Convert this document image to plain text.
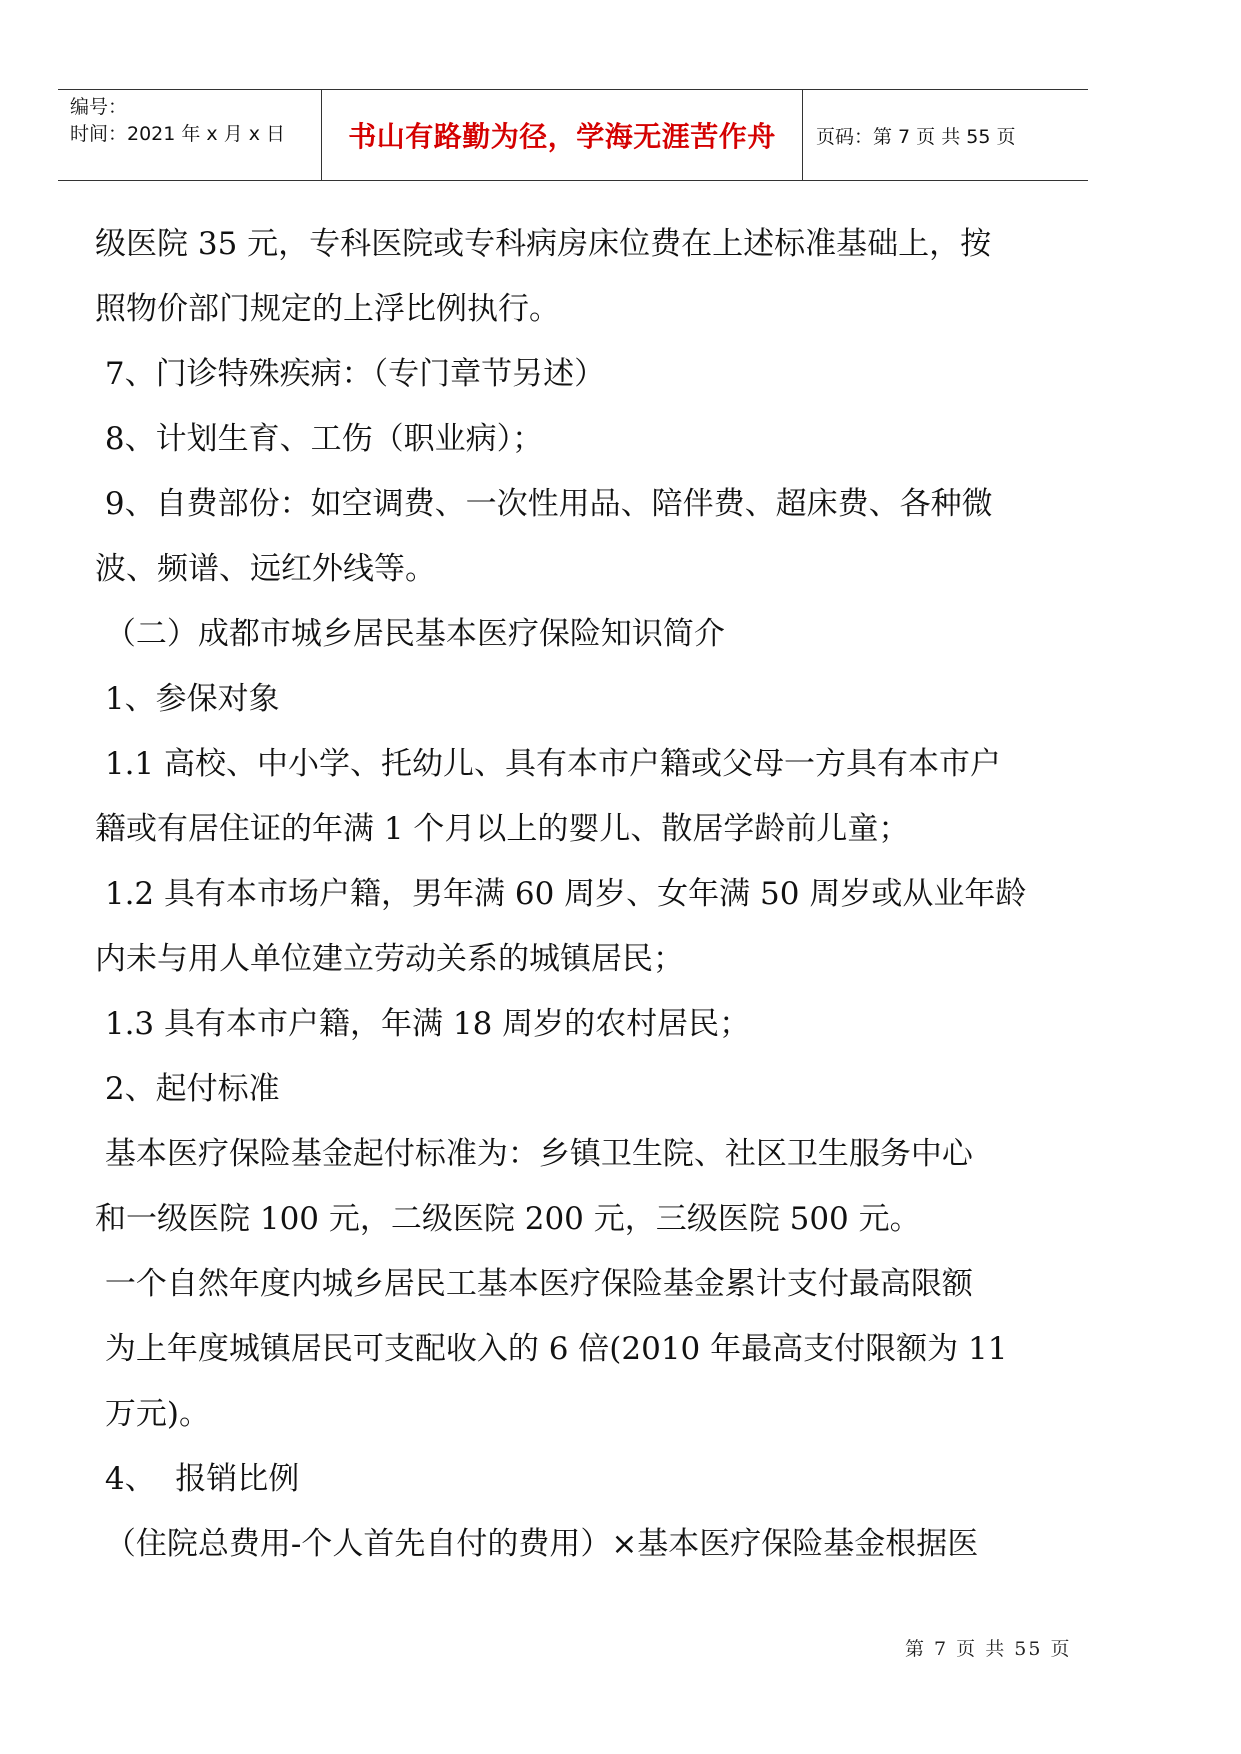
编号：
时间：2021 年 x 月 x 日	书山有路勤为径，学海无涯苦作舟	页码：第 7 页 共 55 页

级医院 35 元，专科医院或专科病房床位费在上述标准基础上，按

照物价部门规定的上浮比例执行。

7、门诊特殊疾病：（专门章节另述）

8、计划生育、工伤（职业病）；

9、自费部份：如空调费、一次性用品、陪伴费、超床费、各种微

波、频谱、远红外线等。

（二）成都市城乡居民基本医疗保险知识简介

1、参保对象

1.1 高校、中小学、托幼儿、具有本市户籍或父母一方具有本市户

籍或有居住证的年满 1 个月以上的婴儿、散居学龄前儿童；

1.2 具有本市场户籍，男年满 60 周岁、女年满 50 周岁或从业年龄

内未与用人单位建立劳动关系的城镇居民；

1.3 具有本市户籍，年满 18 周岁的农村居民；

2、起付标准

基本医疗保险基金起付标准为：乡镇卫生院、社区卫生服务中心

和一级医院 100 元，二级医院 200 元，三级医院 500 元。

一个自然年度内城乡居民工基本医疗保险基金累计支付最高限额

为上年度城镇居民可支配收入的 6 倍(2010 年最高支付限额为 11

万元)。

4、  报销比例

（住院总费用-个人首先自付的费用）×基本医疗保险基金根据医

第 7 页 共 55 页
